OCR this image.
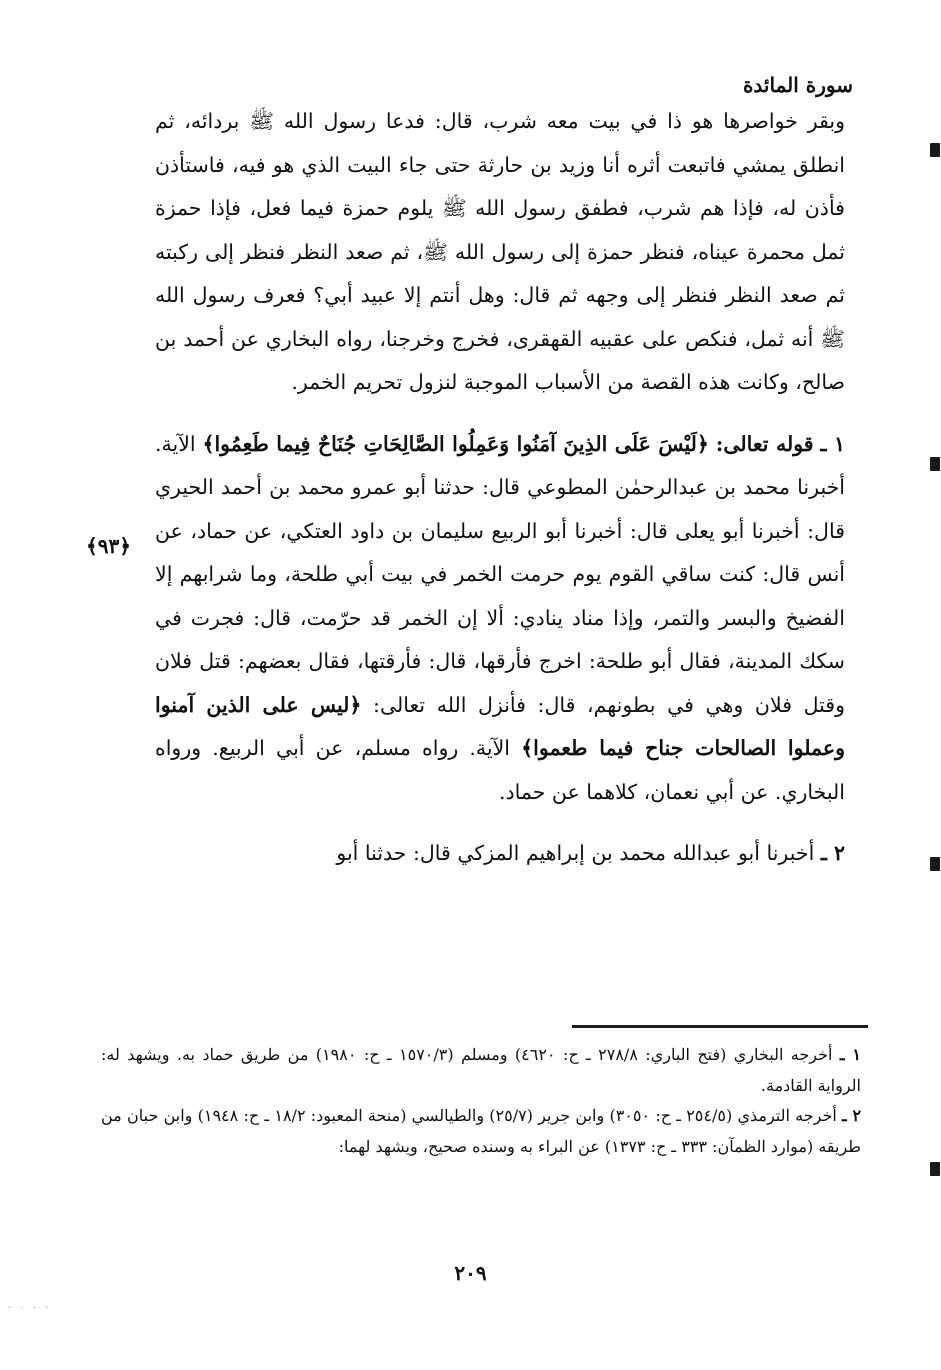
سورة المائدة

وبقر خواصرها هو ذا في بيت معه شرب، قال: فدعا رسول الله ﷺ بردائه، ثم انطلق يمشي فاتبعت أثره أنا وزيد بن حارثة حتى جاء البيت الذي هو فيه، فاستأذن فأذن له، فإذا هم شرب، فطفق رسول الله ﷺ يلوم حمزة فيما فعل، فإذا حمزة ثمل محمرة عيناه، فنظر حمزة إلى رسول الله ﷺ، ثم صعد النظر فنظر إلى ركبته ثم صعد النظر فنظر إلى وجهه ثم قال: وهل أنتم إلا عبيد أبي؟ فعرف رسول الله ﷺ أنه ثمل، فنكص على عقبيه القهقرى، فخرج وخرجنا، رواه البخاري عن أحمد بن صالح، وكانت هذه القصة من الأسباب الموجبة لنزول تحريم الخمر.

١ ـ قوله تعالى: ﴿لَيْسَ عَلَى الذِينَ آمَنُوا وَعَمِلُوا الصَّالِحَاتِ جُنَاحٌ فِيما طَعِمُوا﴾ الآية. أخبرنا محمد بن عبدالرحمٰن المطوعي قال: حدثنا أبو عمرو محمد بن أحمد الحيري قال: أخبرنا أبو يعلى قال: أخبرنا أبو الربيع سليمان بن داود العتكي، عن حماد، عن أنس قال: كنت ساقي القوم يوم حرمت الخمر في بيت أبي طلحة، وما شرابهم إلا الفضيخ والبسر والتمر، وإذا مناد ينادي: ألا إن الخمر قد حرّمت، قال: فجرت في سكك المدينة، فقال أبو طلحة: اخرج فأرقها، قال: فأرقتها، فقال بعضهم: قتل فلان وقتل فلان وهي في بطونهم، قال: فأنزل الله تعالى: ﴿ليس على الذين آمنوا وعملوا الصالحات جناح فيما طعموا﴾ الآية. رواه مسلم، عن أبي الربيع. ورواه البخاري. عن أبي نعمان، كلاهما عن حماد.

٢ ـ أخبرنا أبو عبدالله محمد بن إبراهيم المزكي قال: حدثنا أبو

﴿٩٣﴾

١ ـ أخرجه البخاري (فتح الباري: ٢٧٨/٨ ـ ح: ٤٦٢٠) ومسلم (١٥٧٠/٣ ـ ح: ١٩٨٠) من طريق حماد به. ويشهد له: الرواية القادمة.

٢ ـ أخرجه الترمذي (٢٥٤/٥ ـ ح: ٣٠٥٠) وابن جرير (٢٥/٧) والطيالسي (منحة المعبود: ١٨/٢ ـ ح: ١٩٤٨) وابن حبان من طريقه (موارد الظمآن: ٣٣٣ ـ ح: ١٣٧٣) عن البراء به وسنده صحيح، ويشهد لهما:

٢٠٩
· · · ·
